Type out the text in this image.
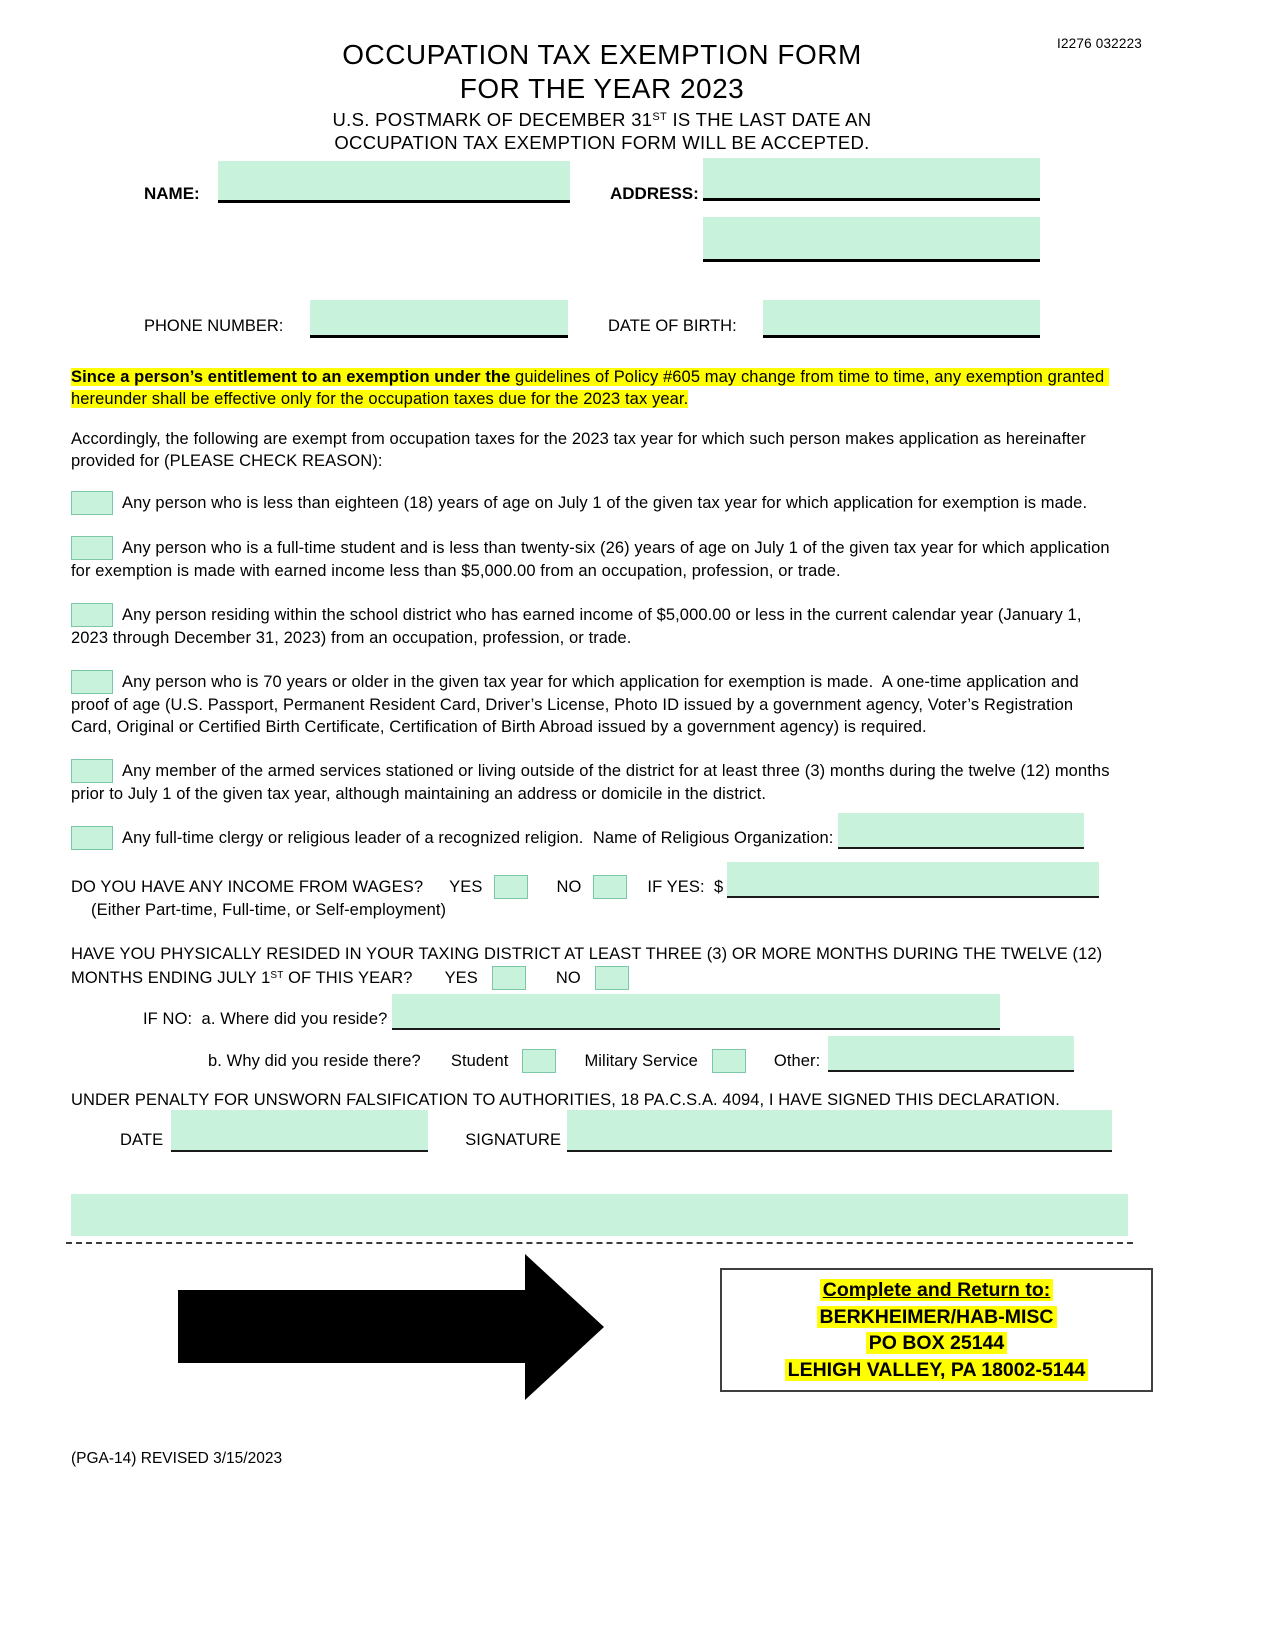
I2276 032223
OCCUPATION TAX EXEMPTION FORM
FOR THE YEAR 2023
U.S. POSTMARK OF DECEMBER 31ST IS THE LAST DATE AN
OCCUPATION TAX EXEMPTION FORM WILL BE ACCEPTED.
NAME:	ADDRESS:
PHONE NUMBER:	DATE OF BIRTH:

Since a person’s entitlement to an exemption under the guidelines of Policy #605 may change from time to time, any exemption granted hereunder shall be effective only for the occupation taxes due for the 2023 tax year.

Accordingly, the following are exempt from occupation taxes for the 2023 tax year for which such person makes application as hereinafter provided for (PLEASE CHECK REASON):

Any person who is less than eighteen (18) years of age on July 1 of the given tax year for which application for exemption is made.

Any person who is a full-time student and is less than twenty-six (26) years of age on July 1 of the given tax year for which application for exemption is made with earned income less than $5,000.00 from an occupation, profession, or trade.

Any person residing within the school district who has earned income of $5,000.00 or less in the current calendar year (January 1, 2023 through December 31, 2023) from an occupation, profession, or trade.

Any person who is 70 years or older in the given tax year for which application for exemption is made.  A one-time application and proof of age (U.S. Passport, Permanent Resident Card, Driver’s License, Photo ID issued by a government agency, Voter’s Registration Card, Original or Certified Birth Certificate, Certification of Birth Abroad issued by a government agency) is required.

Any member of the armed services stationed or living outside of the district for at least three (3) months during the twelve (12) months prior to July 1 of the given tax year, although maintaining an address or domicile in the district.

Any full-time clergy or religious leader of a recognized religion.  Name of Religious Organization:

DO YOU HAVE ANY INCOME FROM WAGES? YES	NO	IF YES:  $

(Either Part-time, Full-time, or Self-employment)

HAVE YOU PHYSICALLY RESIDED IN YOUR TAXING DISTRICT AT LEAST THREE (3) OR MORE MONTHS DURING THE TWELVE (12) MONTHS ENDING JULY 1ST OF THIS YEAR? YES	NO

IF NO:  a. Where did you reside?

b. Why did you reside there? Student	Military Service	Other:

UNDER PENALTY FOR UNSWORN FALSIFICATION TO AUTHORITIES, 18 PA.C.S.A. 4094, I HAVE SIGNED THIS DECLARATION.

DATE	SIGNATURE

Complete and Return to:
BERKHEIMER/HAB-MISC
PO BOX 25144
LEHIGH VALLEY, PA 18002-5144
(PGA-14) REVISED 3/15/2023
